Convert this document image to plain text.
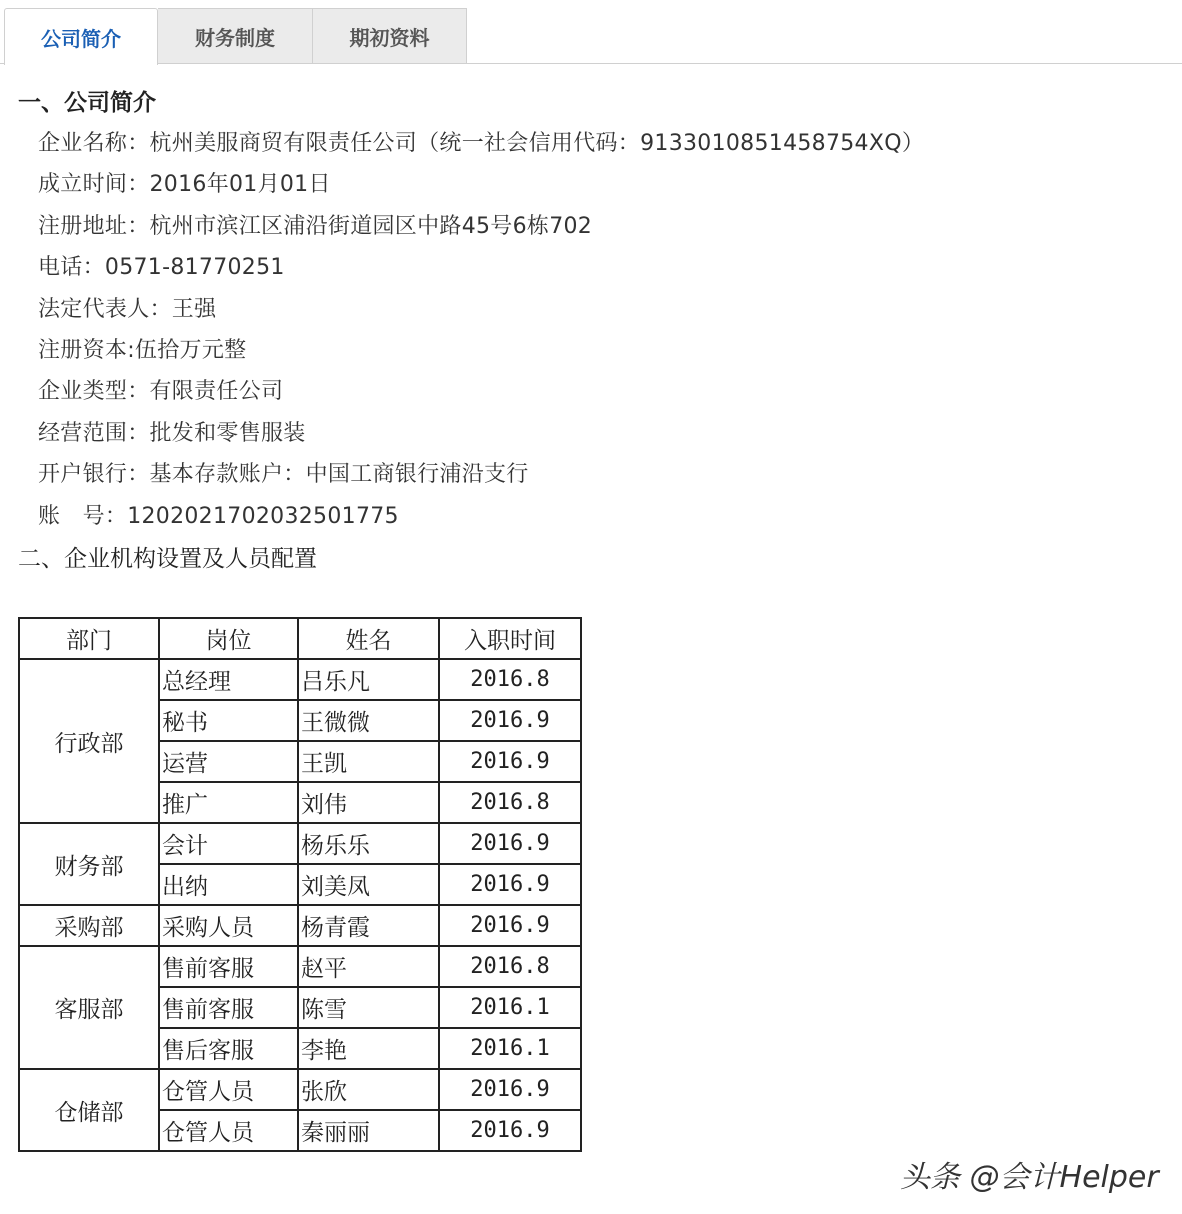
公司简介	财务制度	期初资料
一、公司简介
企业名称：杭州美服商贸有限责任公司（统一社会信用代码：9133010851458754XQ）
成立时间：2016年01月01日
注册地址：杭州市滨江区浦沿街道园区中路45号6栋702
电话：0571-81770251
法定代表人：王强
注册资本:伍拾万元整
企业类型：有限责任公司
经营范围：批发和零售服装
开户银行：基本存款账户：中国工商银行浦沿支行
账　号：1202021702032501775
二、企业机构设置及人员配置
部门	岗位	姓名	入职时间
行政部	总经理	吕乐凡	2016.8
	秘书	王微微	2016.9
	运营	王凯	2016.9
	推广	刘伟	2016.8
财务部	会计	杨乐乐	2016.9
	出纳	刘美凤	2016.9
采购部	采购人员	杨青霞	2016.9
客服部	售前客服	赵平	2016.8
	售前客服	陈雪	2016.1
	售后客服	李艳	2016.1
仓储部	仓管人员	张欣	2016.9
	仓管人员	秦丽丽	2016.9
头条 @会计Helper
